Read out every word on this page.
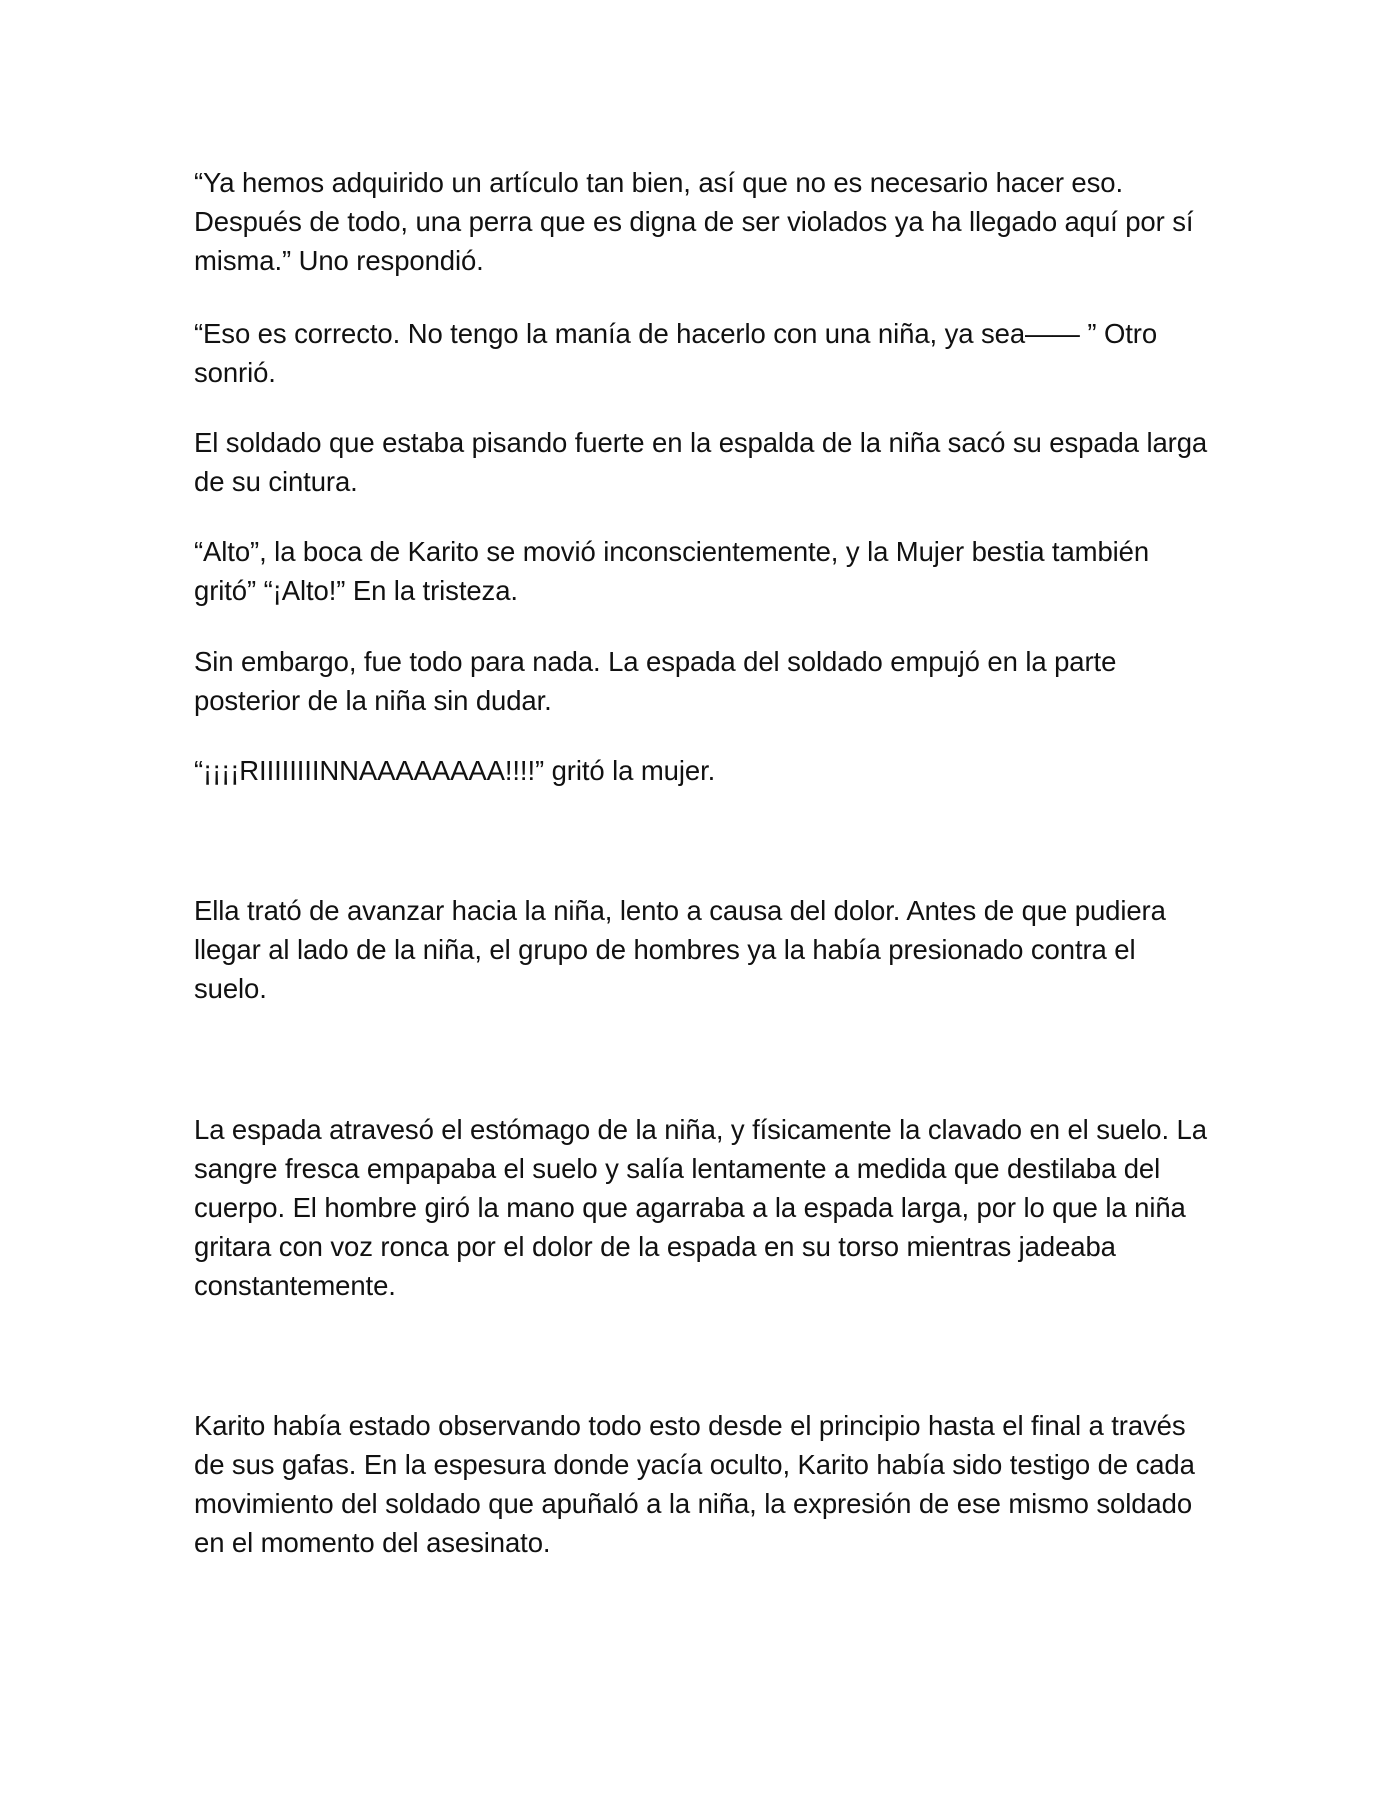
“Ya hemos adquirido un artículo tan bien, así que no es necesario hacer eso. Después de todo, una perra que es digna de ser violados ya ha llegado aquí por sí misma.” Uno respondió.

“Eso es correcto. No tengo la manía de hacerlo con una niña, ya sea—— ” Otro sonrió.

El soldado que estaba pisando fuerte en la espalda de la niña sacó su espada larga de su cintura.

“Alto”, la boca de Karito se movió inconscientemente, y la Mujer bestia también gritó” “¡Alto!” En la tristeza.

Sin embargo, fue todo para nada. La espada del soldado empujó en la parte posterior de la niña sin dudar.

“¡¡¡¡RIIIIIIIINNAAAAAAAA!!!!” gritó la mujer.

Ella trató de avanzar hacia la niña, lento a causa del dolor. Antes de que pudiera llegar al lado de la niña, el grupo de hombres ya la había presionado contra el suelo.

La espada atravesó el estómago de la niña, y físicamente la clavado en el suelo. La sangre fresca empapaba el suelo y salía lentamente a medida que destilaba del cuerpo. El hombre giró la mano que agarraba a la espada larga, por lo que la niña gritara con voz ronca por el dolor de la espada en su torso mientras jadeaba constantemente.

Karito había estado observando todo esto desde el principio hasta el final a través de sus gafas. En la espesura donde yacía oculto, Karito había sido testigo de cada movimiento del soldado que apuñaló a la niña, la expresión de ese mismo soldado en el momento del asesinato.
